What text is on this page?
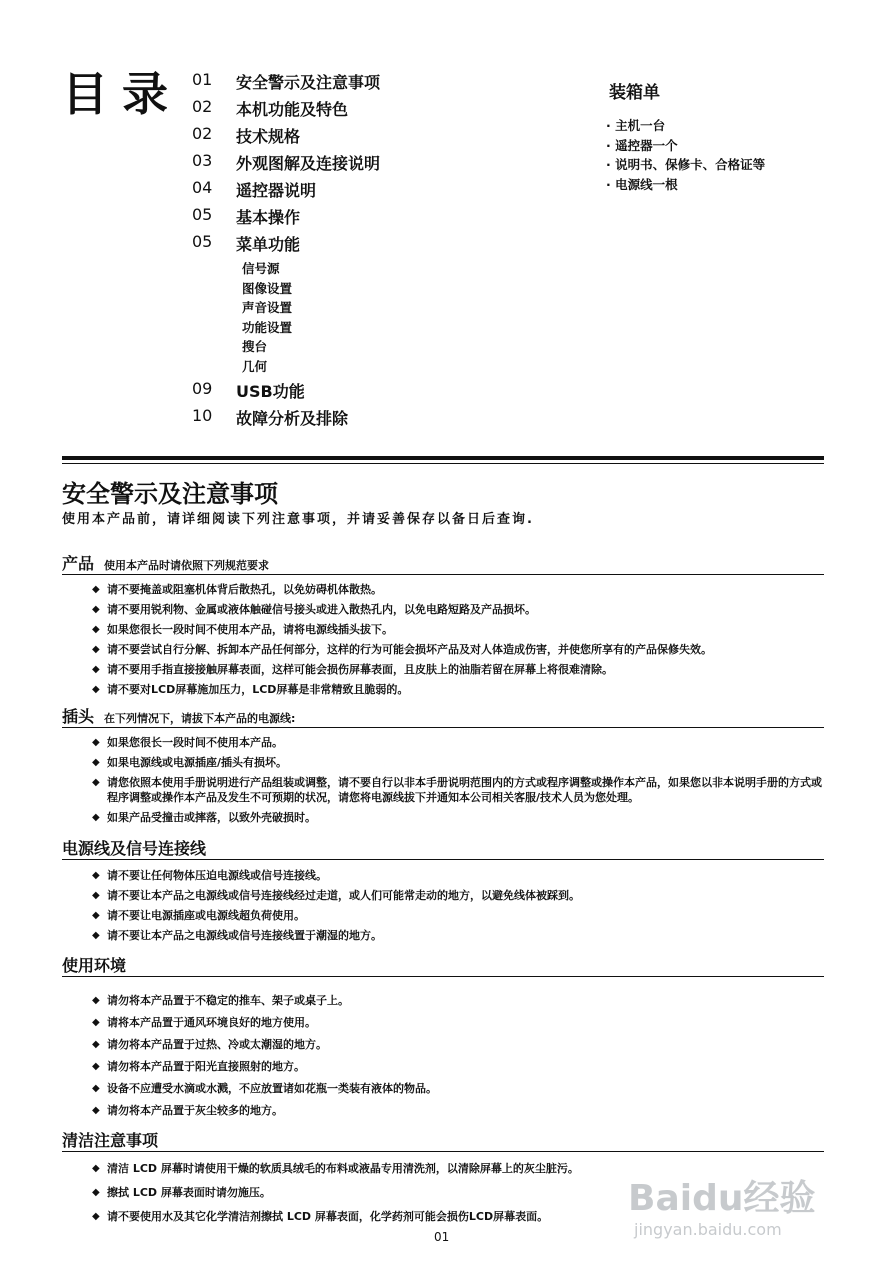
目录 01	安全警示及注意事项
02	本机功能及特色
02	技术规格
03	外观图解及连接说明
04	遥控器说明
05	基本操作
05	菜单功能
信号源
图像设置
声音设置
功能设置
搜台
几何
09	USB功能
10	故障分析及排除
装箱单
· 主机一台
· 遥控器一个
· 说明书、保修卡、合格证等
· 电源线一根
安全警示及注意事项
使用本产品前，请详细阅读下列注意事项，并请妥善保存以备日后查询.
产品 使用本产品时请依照下列规范要求
◆ 请不要掩盖或阻塞机体背后散热孔，以免妨碍机体散热。
◆ 请不要用锐利物、金属或液体触碰信号接头或进入散热孔内，以免电路短路及产品损坏。
◆ 如果您很长一段时间不使用本产品，请将电源线插头拔下。
◆ 请不要尝试自行分解、拆卸本产品任何部分，这样的行为可能会损坏产品及对人体造成伤害，并使您所享有的产品保修失效。
◆ 请不要用手指直接接触屏幕表面，这样可能会损伤屏幕表面，且皮肤上的油脂若留在屏幕上将很难清除。
◆ 请不要对LCD屏幕施加压力，LCD屏幕是非常精致且脆弱的。
插头 在下列情况下，请拔下本产品的电源线:
◆ 如果您很长一段时间不使用本产品。
◆ 如果电源线或电源插座/插头有损坏。
◆ 请您依照本使用手册说明进行产品组装或调整，请不要自行以非本手册说明范围内的方式或程序调整或操作本产品，如果您以非本说明手册的方式或程序调整或操作本产品及发生不可预期的状况，请您将电源线拔下并通知本公司相关客服/技术人员为您处理。
◆ 如果产品受撞击或摔落，以致外壳破损时。
电源线及信号连接线
◆ 请不要让任何物体压迫电源线或信号连接线。
◆ 请不要让本产品之电源线或信号连接线经过走道，或人们可能常走动的地方，以避免线体被踩到。
◆ 请不要让电源插座或电源线超负荷使用。
◆ 请不要让本产品之电源线或信号连接线置于潮湿的地方。
使用环境
◆ 请勿将本产品置于不稳定的推车、架子或桌子上。
◆ 请将本产品置于通风环境良好的地方使用。
◆ 请勿将本产品置于过热、冷或太潮湿的地方。
◆ 请勿将本产品置于阳光直接照射的地方。
◆ 设备不应遭受水滴或水溅，不应放置诸如花瓶一类装有液体的物品。
◆ 请勿将本产品置于灰尘较多的地方。
清洁注意事项
◆ 清洁 LCD 屏幕时请使用干燥的软质具绒毛的布料或液晶专用清洗剂，以清除屏幕上的灰尘脏污。
◆ 擦拭 LCD 屏幕表面时请勿施压。
◆ 请不要使用水及其它化学清洁剂擦拭 LCD 屏幕表面，化学药剂可能会损伤LCD屏幕表面。
01
Baidu经验
jingyan.baidu.com
